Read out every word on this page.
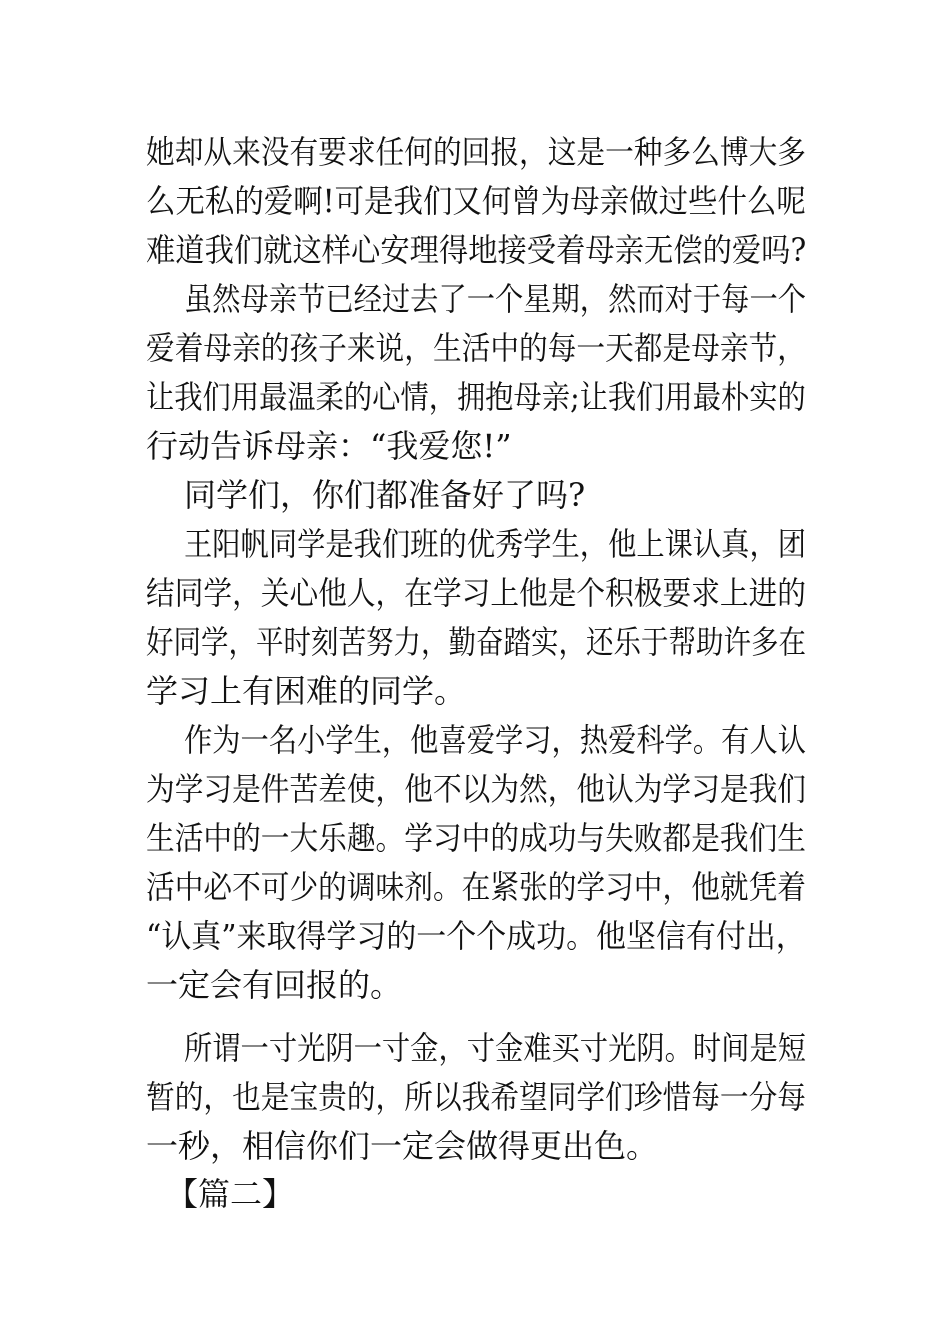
她却从来没有要求任何的回报，这是一种多么博大多
么无私的爱啊!可是我们又何曾为母亲做过些什么呢
难道我们就这样心安理得地接受着母亲无偿的爱吗?
虽然母亲节已经过去了一个星期，然而对于每一个
爱着母亲的孩子来说，生活中的每一天都是母亲节，
让我们用最温柔的心情，拥抱母亲;让我们用最朴实的
行动告诉母亲：“我爱您!”
同学们，你们都准备好了吗?
王阳帆同学是我们班的优秀学生，他上课认真，团
结同学，关心他人，在学习上他是个积极要求上进的
好同学，平时刻苦努力，勤奋踏实，还乐于帮助许多在
学习上有困难的同学。
作为一名小学生，他喜爱学习，热爱科学。有人认
为学习是件苦差使，他不以为然，他认为学习是我们
生活中的一大乐趣。学习中的成功与失败都是我们生
活中必不可少的调味剂。在紧张的学习中，他就凭着
“认真”来取得学习的一个个成功。他坚信有付出，
一定会有回报的。
所谓一寸光阴一寸金，寸金难买寸光阴。时间是短
暂的，也是宝贵的，所以我希望同学们珍惜每一分每
一秒，相信你们一定会做得更出色。
【篇二】
